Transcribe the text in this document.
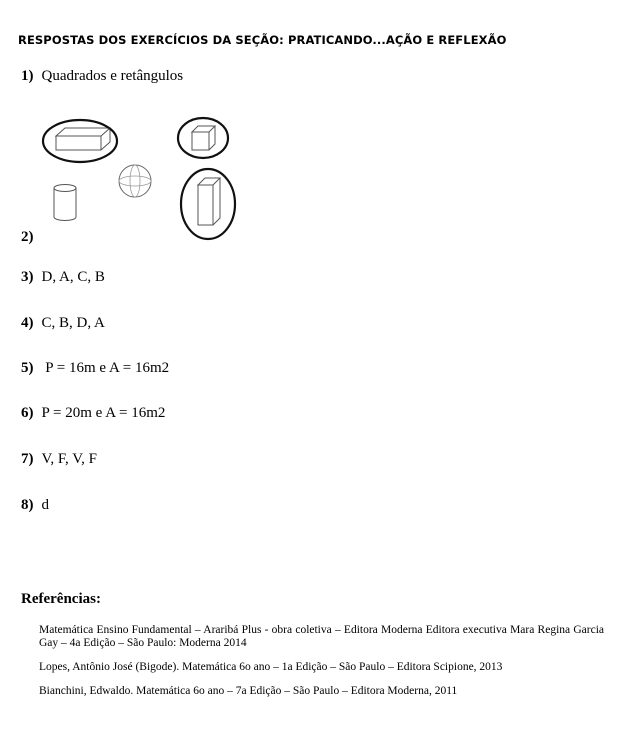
RESPOSTAS DOS EXERCÍCIOS DA SEÇÃO: PRATICANDO...AÇÃO E REFLEXÃO
1) Quadrados e retângulos
2)
3) D, A, C, B
4) C, B, D, A
5) P = 16m e A = 16m2
6) P = 20m e A = 16m2
7) V, F, V, F
8) d
Referências:
Matemática Ensino Fundamental – Araribá Plus - obra coletiva – Editora Moderna Editora executiva Mara Regina Garcia Gay – 4a Edição – São Paulo: Moderna 2014
Lopes, Antônio José (Bigode). Matemática 6o ano – 1a Edição – São Paulo – Editora Scipione, 2013
Bianchini, Edwaldo. Matemática 6o ano – 7a Edição – São Paulo – Editora Moderna, 2011
